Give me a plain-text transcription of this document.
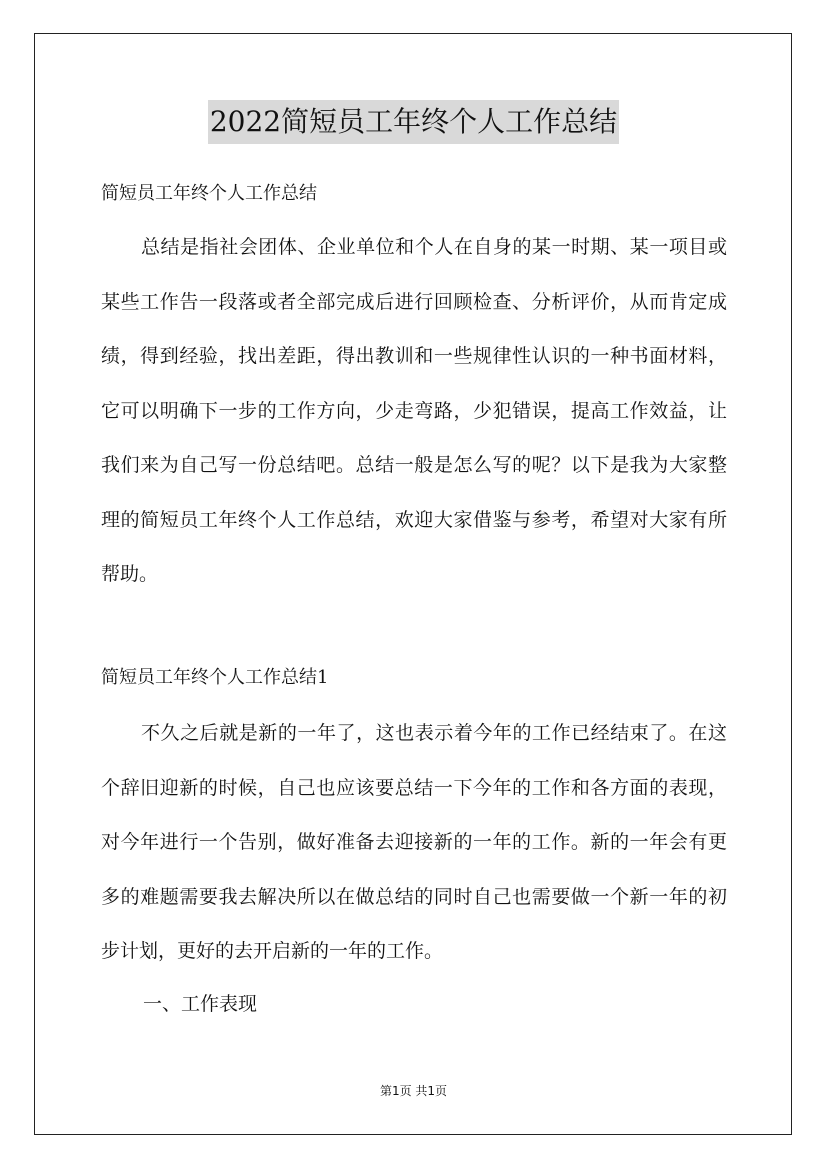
2022简短员工年终个人工作总结
简短员工年终个人工作总结
总结是指社会团体、企业单位和个人在自身的某一时期、某一项目或某些工作告一段落或者全部完成后进行回顾检查、分析评价，从而肯定成绩，得到经验，找出差距，得出教训和一些规律性认识的一种书面材料，它可以明确下一步的工作方向，少走弯路，少犯错误，提高工作效益，让我们来为自己写一份总结吧。总结一般是怎么写的呢？以下是我为大家整理的简短员工年终个人工作总结，欢迎大家借鉴与参考，希望对大家有所帮助。
简短员工年终个人工作总结1
不久之后就是新的一年了，这也表示着今年的工作已经结束了。在这个辞旧迎新的时候，自己也应该要总结一下今年的工作和各方面的表现，对今年进行一个告别，做好准备去迎接新的一年的工作。新的一年会有更多的难题需要我去解决所以在做总结的同时自己也需要做一个新一年的初步计划，更好的去开启新的一年的工作。
一、工作表现
第1页 共1页
